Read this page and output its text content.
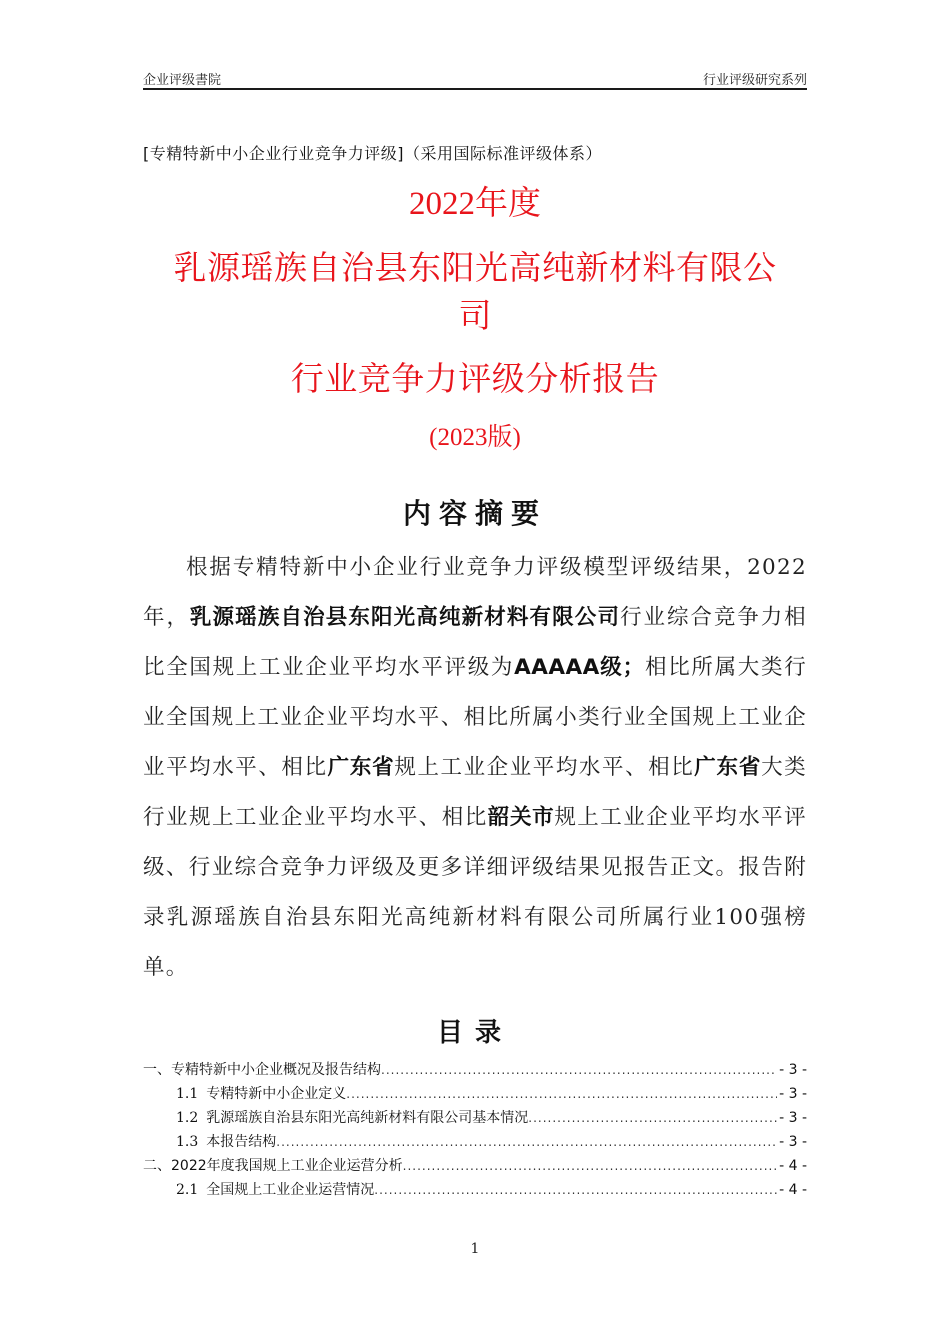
企业评级書院	行业评级研究系列
[专精特新中小企业行业竞争力评级]（采用国际标准评级体系）
2022年度
乳源瑶族自治县东阳光高纯新材料有限公
司
行业竞争力评级分析报告
(2023版)
内容摘要
根据专精特新中小企业行业竞争力评级模型评级结果，2022年，乳源瑶族自治县东阳光高纯新材料有限公司行业综合竞争力相比全国规上工业企业平均水平评级为AAAAA级；相比所属大类行业全国规上工业企业平均水平、相比所属小类行业全国规上工业企业平均水平、相比广东省规上工业企业平均水平、相比广东省大类行业规上工业企业平均水平、相比韶关市规上工业企业平均水平评级、行业综合竞争力评级及更多详细评级结果见报告正文。报告附录乳源瑶族自治县东阳光高纯新材料有限公司所属行业100强榜单。
目录
一、专精特新中小企业概况及报告结构 .....	- 3 -
1.1 专精特新中小企业定义 .....	- 3 -
1.2 乳源瑶族自治县东阳光高纯新材料有限公司基本情况 .....	- 3 -
1.3 本报告结构 .....	- 3 -
二、2022年度我国规上工业企业运营分析 .....	- 4 -
2.1 全国规上工业企业运营情况 .....	- 4 -
1
